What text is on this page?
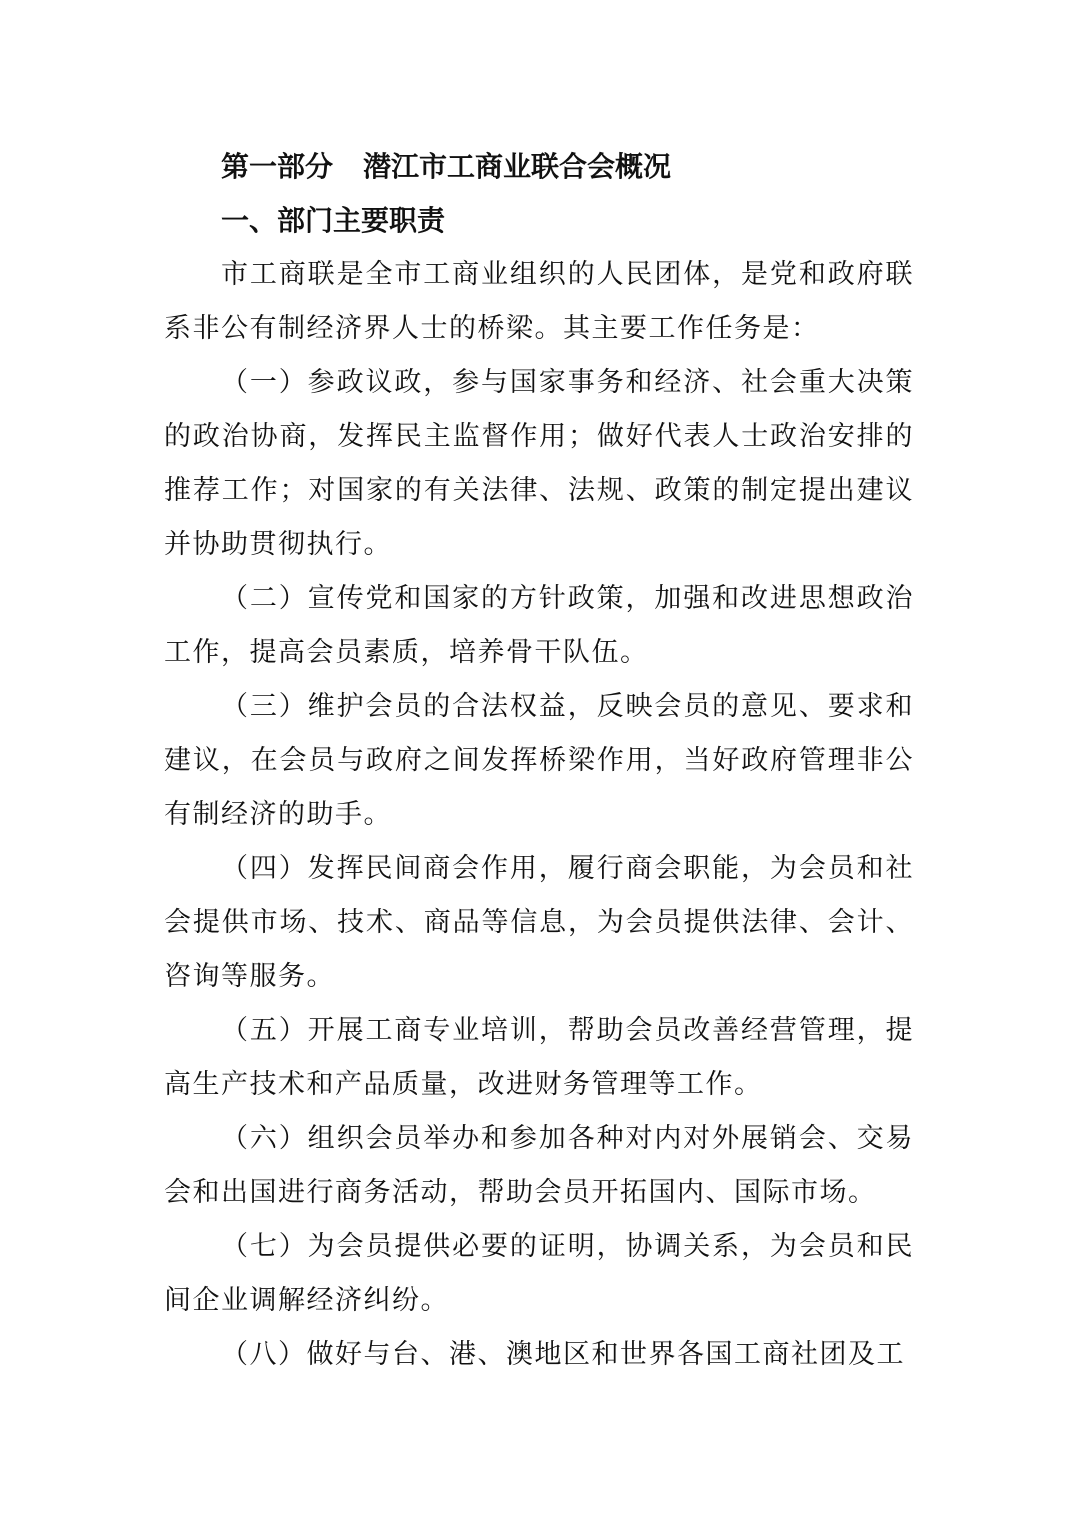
第一部分 潜江市工商业联合会概况
一、部门主要职责

市工商联是全市工商业组织的人民团体，是党和政府联系非公有制经济界人士的桥梁。其主要工作任务是：

（一）参政议政，参与国家事务和经济、社会重大决策的政治协商，发挥民主监督作用；做好代表人士政治安排的推荐工作；对国家的有关法律、法规、政策的制定提出建议并协助贯彻执行。

（二）宣传党和国家的方针政策，加强和改进思想政治工作，提高会员素质，培养骨干队伍。

（三）维护会员的合法权益，反映会员的意见、要求和建议，在会员与政府之间发挥桥梁作用，当好政府管理非公有制经济的助手。

（四）发挥民间商会作用，履行商会职能，为会员和社会提供市场、技术、商品等信息，为会员提供法律、会计、咨询等服务。

（五）开展工商专业培训，帮助会员改善经营管理，提高生产技术和产品质量，改进财务管理等工作。

（六）组织会员举办和参加各种对内对外展销会、交易会和出国进行商务活动，帮助会员开拓国内、国际市场。

（七）为会员提供必要的证明，协调关系，为会员和民间企业调解经济纠纷。

（八）做好与台、港、澳地区和世界各国工商社团及工
